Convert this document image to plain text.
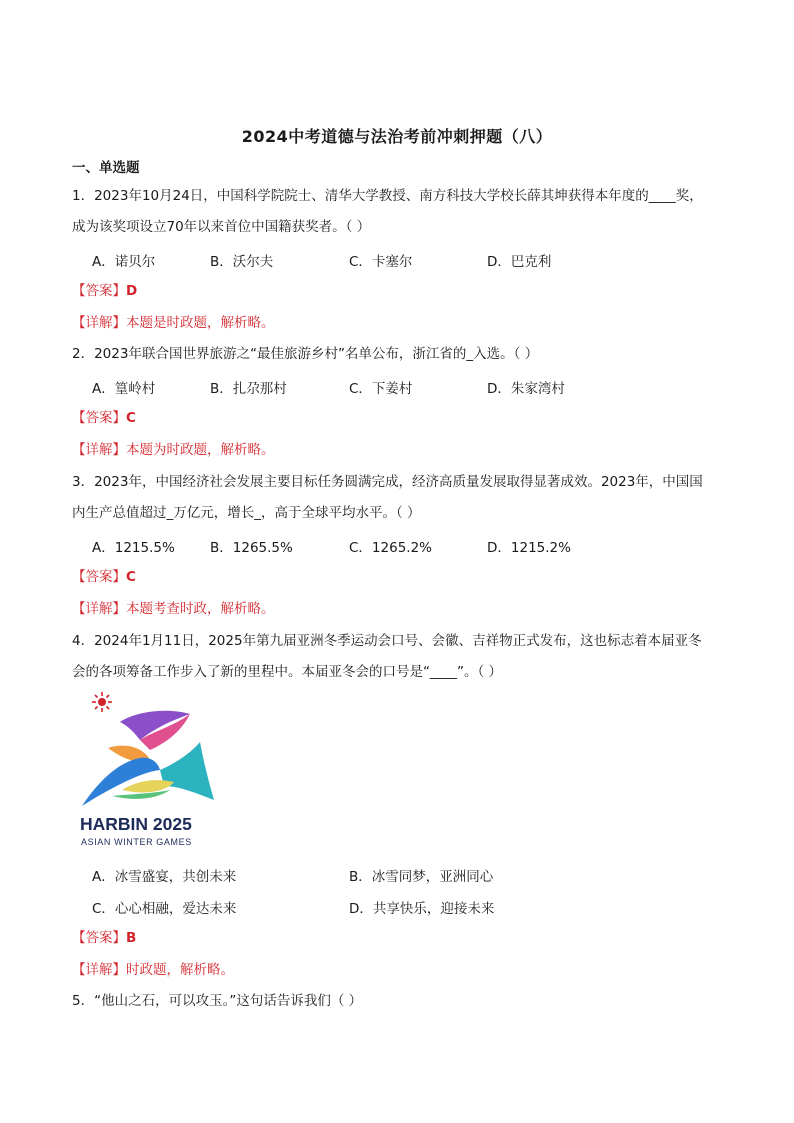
2024中考道德与法治考前冲刺押题（八）
一、单选题
1．2023年10月24日，中国科学院院士、清华大学教授、南方科技大学校长薛其坤获得本年度的____奖，
成为该奖项设立70年以来首位中国籍获奖者。（ ）
A．诺贝尔	B．沃尔夫	C．卡塞尔	D．巴克利
【答案】D
【详解】本题是时政题，解析略。
2．2023年联合国世界旅游之“最佳旅游乡村”名单公布，浙江省的_入选。（ ）
A．篁岭村	B．扎尕那村	C．下姜村	D．朱家湾村
【答案】C
【详解】本题为时政题，解析略。
3．2023年，中国经济社会发展主要目标任务圆满完成，经济高质量发展取得显著成效。2023年，中国国
内生产总值超过_万亿元，增长_，高于全球平均水平。（ ）
A．1215.5%	B．1265.5%	C．1265.2%	D．1215.2%
【答案】C
【详解】本题考查时政，解析略。
4．2024年1月11日，2025年第九届亚洲冬季运动会口号、会徽、吉祥物正式发布，这也标志着本届亚冬
会的各项筹备工作步入了新的里程中。本届亚冬会的口号是“____”。（ ）
HARBIN 2025
ASIAN WINTER GAMES
A．冰雪盛宴，共创未来	B．冰雪同梦，亚洲同心
C．心心相融，爱达未来	D．共享快乐，迎接未来
【答案】B
【详解】时政题，解析略。
5．“他山之石，可以攻玉。”这句话告诉我们（ ）
